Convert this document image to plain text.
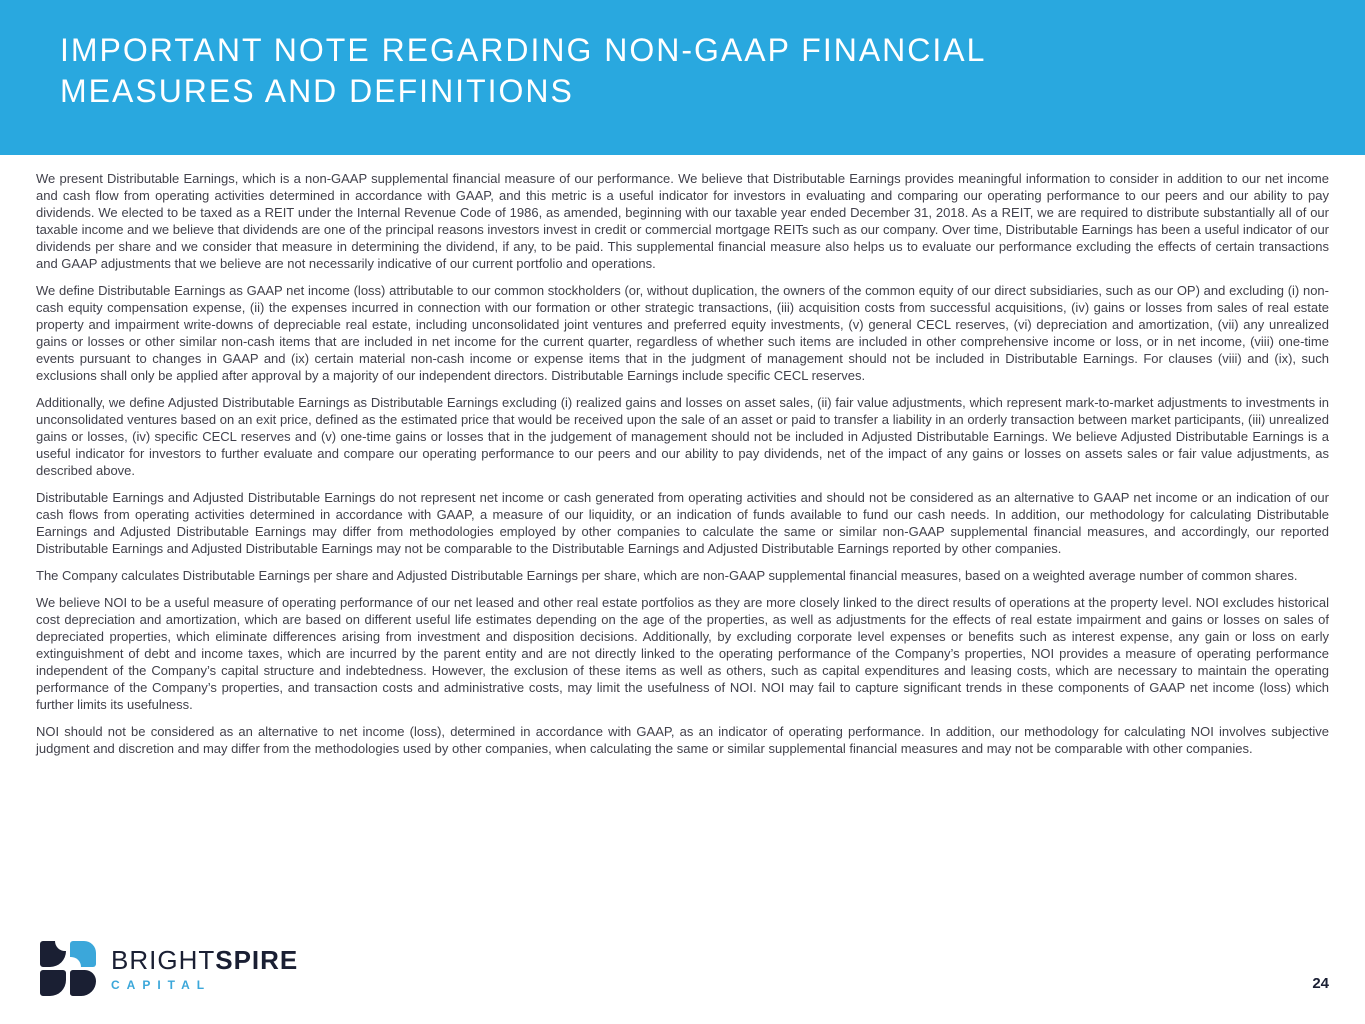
IMPORTANT NOTE REGARDING NON-GAAP FINANCIAL
MEASURES AND DEFINITIONS

We present Distributable Earnings, which is a non-GAAP supplemental financial measure of our performance. We believe that Distributable Earnings provides meaningful information to consider in addition to our net income and cash flow from operating activities determined in accordance with GAAP, and this metric is a useful indicator for investors in evaluating and comparing our operating performance to our peers and our ability to pay dividends. We elected to be taxed as a REIT under the Internal Revenue Code of 1986, as amended, beginning with our taxable year ended December 31, 2018. As a REIT, we are required to distribute substantially all of our taxable income and we believe that dividends are one of the principal reasons investors invest in credit or commercial mortgage REITs such as our company. Over time, Distributable Earnings has been a useful indicator of our dividends per share and we consider that measure in determining the dividend, if any, to be paid. This supplemental financial measure also helps us to evaluate our performance excluding the effects of certain transactions and GAAP adjustments that we believe are not necessarily indicative of our current portfolio and operations.

We define Distributable Earnings as GAAP net income (loss) attributable to our common stockholders (or, without duplication, the owners of the common equity of our direct subsidiaries, such as our OP) and excluding (i) non-cash equity compensation expense, (ii) the expenses incurred in connection with our formation or other strategic transactions, (iii) acquisition costs from successful acquisitions, (iv) gains or losses from sales of real estate property and impairment write-downs of depreciable real estate, including unconsolidated joint ventures and preferred equity investments, (v) general CECL reserves, (vi) depreciation and amortization, (vii) any unrealized gains or losses or other similar non-cash items that are included in net income for the current quarter, regardless of whether such items are included in other comprehensive income or loss, or in net income, (viii) one-time events pursuant to changes in GAAP and (ix) certain material non-cash income or expense items that in the judgment of management should not be included in Distributable Earnings. For clauses (viii) and (ix), such exclusions shall only be applied after approval by a majority of our independent directors. Distributable Earnings include specific CECL reserves.

Additionally, we define Adjusted Distributable Earnings as Distributable Earnings excluding (i) realized gains and losses on asset sales, (ii) fair value adjustments, which represent mark-to-market adjustments to investments in unconsolidated ventures based on an exit price, defined as the estimated price that would be received upon the sale of an asset or paid to transfer a liability in an orderly transaction between market participants, (iii) unrealized gains or losses, (iv) specific CECL reserves and (v) one-time gains or losses that in the judgement of management should not be included in Adjusted Distributable Earnings. We believe Adjusted Distributable Earnings is a useful indicator for investors to further evaluate and compare our operating performance to our peers and our ability to pay dividends, net of the impact of any gains or losses on assets sales or fair value adjustments, as described above.

Distributable Earnings and Adjusted Distributable Earnings do not represent net income or cash generated from operating activities and should not be considered as an alternative to GAAP net income or an indication of our cash flows from operating activities determined in accordance with GAAP, a measure of our liquidity, or an indication of funds available to fund our cash needs. In addition, our methodology for calculating Distributable Earnings and Adjusted Distributable Earnings may differ from methodologies employed by other companies to calculate the same or similar non-GAAP supplemental financial measures, and accordingly, our reported Distributable Earnings and Adjusted Distributable Earnings may not be comparable to the Distributable Earnings and Adjusted Distributable Earnings reported by other companies.

The Company calculates Distributable Earnings per share and Adjusted Distributable Earnings per share, which are non-GAAP supplemental financial measures, based on a weighted average number of common shares.

We believe NOI to be a useful measure of operating performance of our net leased and other real estate portfolios as they are more closely linked to the direct results of operations at the property level. NOI excludes historical cost depreciation and amortization, which are based on different useful life estimates depending on the age of the properties, as well as adjustments for the effects of real estate impairment and gains or losses on sales of depreciated properties, which eliminate differences arising from investment and disposition decisions. Additionally, by excluding corporate level expenses or benefits such as interest expense, any gain or loss on early extinguishment of debt and income taxes, which are incurred by the parent entity and are not directly linked to the operating performance of the Company’s properties, NOI provides a measure of operating performance independent of the Company’s capital structure and indebtedness. However, the exclusion of these items as well as others, such as capital expenditures and leasing costs, which are necessary to maintain the operating performance of the Company’s properties, and transaction costs and administrative costs, may limit the usefulness of NOI. NOI may fail to capture significant trends in these components of GAAP net income (loss) which further limits its usefulness.

NOI should not be considered as an alternative to net income (loss), determined in accordance with GAAP, as an indicator of operating performance. In addition, our methodology for calculating NOI involves subjective judgment and discretion and may differ from the methodologies used by other companies, when calculating the same or similar supplemental financial measures and may not be comparable with other companies.

BRIGHTSPIRE
CAPITAL	24
